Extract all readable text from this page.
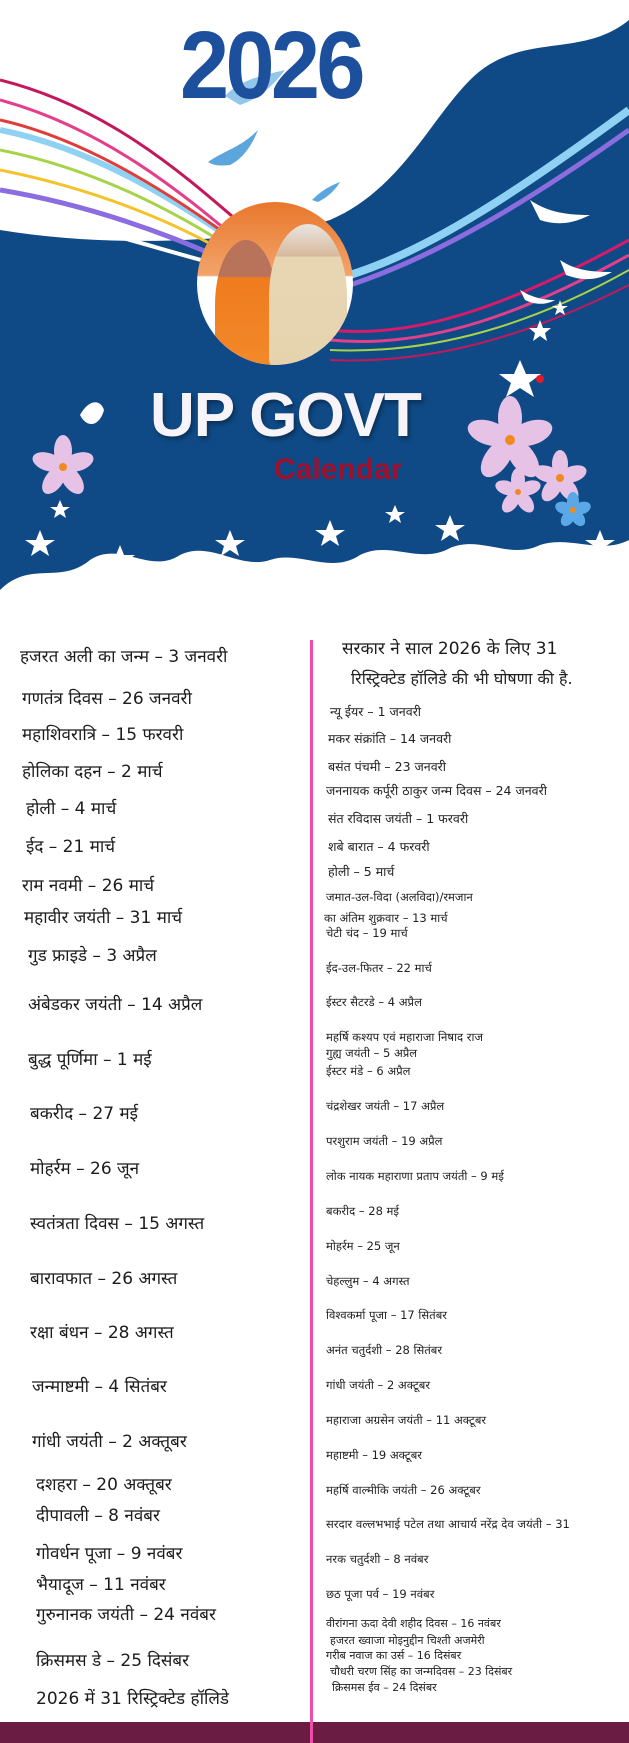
2026
UP GOVT
Calendar
हजरत अली का जन्म – 3 जनवरी
गणतंत्र दिवस – 26 जनवरी
महाशिवरात्रि – 15 फरवरी
होलिका दहन – 2 मार्च
होली – 4 मार्च
ईद – 21 मार्च
राम नवमी – 26 मार्च
महावीर जयंती – 31 मार्च
गुड फ्राइडे – 3 अप्रैल
अंबेडकर जयंती – 14 अप्रैल
बुद्ध पूर्णिमा – 1 मई
बकरीद – 27 मई
मोहर्रम – 26 जून
स्वतंत्रता दिवस – 15 अगस्त
बारावफात – 26 अगस्त
रक्षा बंधन – 28 अगस्त
जन्माष्टमी – 4 सितंबर
गांधी जयंती – 2 अक्तूबर
दशहरा – 20 अक्तूबर
दीपावली – 8 नवंबर
गोवर्धन पूजा – 9 नवंबर
भैयादूज – 11 नवंबर
गुरुनानक जयंती – 24 नवंबर
क्रिसमस डे – 25 दिसंबर
2026 में 31 रिस्ट्रिक्टेड हॉलिडे
सरकार ने साल 2026 के लिए 31
रिस्ट्रिक्टेड हॉलिडे की भी घोषणा की है.
न्यू ईयर – 1 जनवरी
मकर संक्रांति – 14 जनवरी
बसंत पंचमी – 23 जनवरी
जननायक कर्पूरी ठाकुर जन्म दिवस – 24 जनवरी
संत रविदास जयंती – 1 फरवरी
शबे बारात – 4 फरवरी
होली – 5 मार्च
जमात-उल-विदा (अलविदा)/रमजान
का अंतिम शुक्रवार – 13 मार्च
चेटी चंद – 19 मार्च
ईद-उल-फितर – 22 मार्च
ईस्टर सैटरडे – 4 अप्रैल
महर्षि कश्यप एवं महाराजा निषाद राज
गुह्य जयंती – 5 अप्रैल
ईस्टर मंडे – 6 अप्रैल
चंद्रशेखर जयंती – 17 अप्रैल
परशुराम जयंती – 19 अप्रैल
लोक नायक महाराणा प्रताप जयंती – 9 मई
बकरीद – 28 मई
मोहर्रम – 25 जून
चेहल्लुम – 4 अगस्त
विश्वकर्मा पूजा – 17 सितंबर
अनंत चतुर्दशी – 28 सितंबर
गांधी जयंती – 2 अक्टूबर
महाराजा अग्रसेन जयंती – 11 अक्टूबर
महाष्टमी – 19 अक्टूबर
महर्षि वाल्मीकि जयंती – 26 अक्टूबर
सरदार वल्लभभाई पटेल तथा आचार्य नरेंद्र देव जयंती – 31
नरक चतुर्दशी – 8 नवंबर
छठ पूजा पर्व – 19 नवंबर
वीरांगना ऊदा देवी शहीद दिवस – 16 नवंबर
हजरत ख्वाजा मोइनुद्दीन चिश्ती अजमेरी
गरीब नवाज का उर्स – 16 दिसंबर
चौधरी चरण सिंह का जन्मदिवस – 23 दिसंबर
क्रिसमस ईव – 24 दिसंबर
